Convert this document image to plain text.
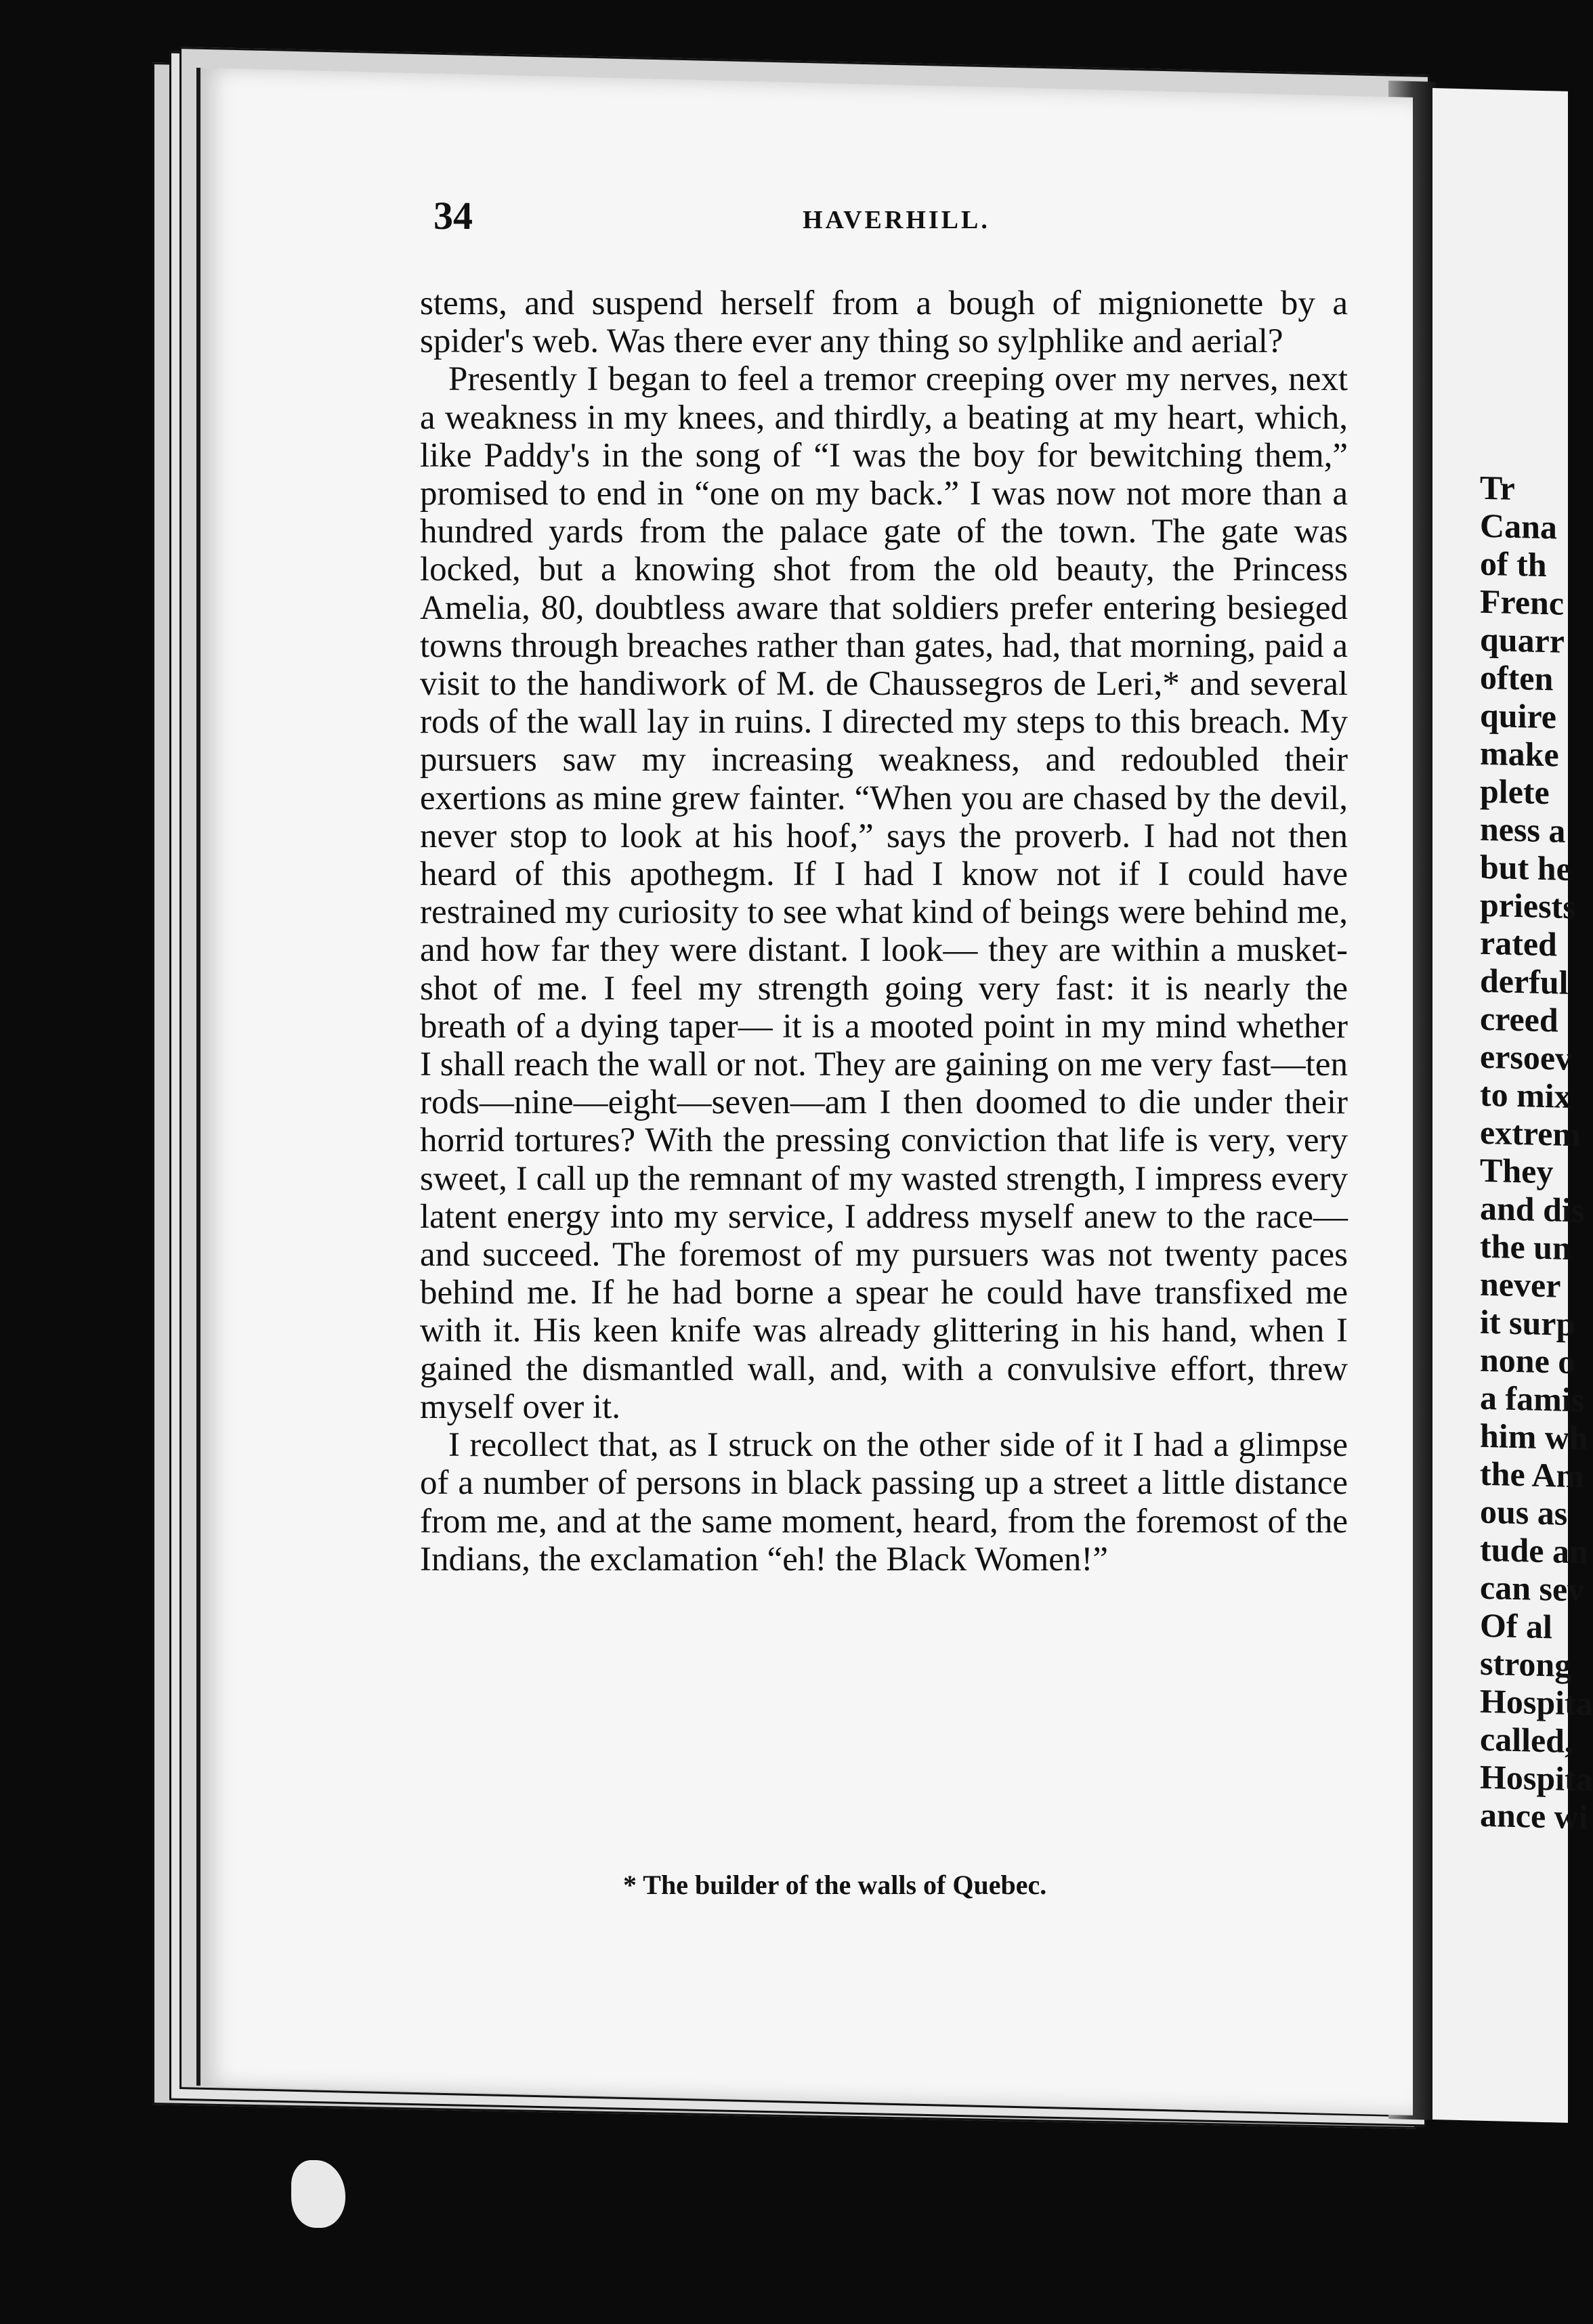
Tr
Cana
of th
Frenc
quarr
often
quire
make
plete
ness a
but he
priests
rated
derful
creed
ersoev
to mix
extrem
They
and dis
the un
never
it surp
none o
a famis
him wh
the Am
ous as
tude an
can sev
Of al
strong
Hospita
called,
Hospita
ance wi
34	HAVERHILL.

stems, and suspend herself from a bough of mignionette by a spider's web. Was there ever any thing so sylphlike and aerial?

Presently I began to feel a tremor creeping over my nerves, next a weakness in my knees, and thirdly, a beating at my heart, which, like Paddy's in the song of “I was the boy for bewitching them,” promised to end in “one on my back.” I was now not more than a hundred yards from the palace gate of the town. The gate was locked, but a knowing shot from the old beauty, the Princess Amelia, 80, doubtless aware that soldiers prefer entering besieged towns through breaches rather than gates, had, that morning, paid a visit to the handiwork of M. de Chaussegros de Leri,* and several rods of the wall lay in ruins. I directed my steps to this breach. My pursuers saw my increasing weakness, and redoubled their exertions as mine grew fainter. “When you are chased by the devil, never stop to look at his hoof,” says the proverb. I had not then heard of this apothegm. If I had I know not if I could have restrained my curiosity to see what kind of beings were behind me, and how far they were distant. I look— they are within a musket-shot of me. I feel my strength going very fast: it is nearly the breath of a dying taper— it is a mooted point in my mind whether I shall reach the wall or not. They are gaining on me very fast—ten rods—nine—eight—seven—am I then doomed to die under their horrid tortures? With the pressing conviction that life is very, very sweet, I call up the remnant of my wasted strength, I impress every latent energy into my service, I address myself anew to the race—and succeed. The foremost of my pursuers was not twenty paces behind me. If he had borne a spear he could have transfixed me with it. His keen knife was already glittering in his hand, when I gained the dismantled wall, and, with a convulsive effort, threw myself over it.

I recollect that, as I struck on the other side of it I had a glimpse of a number of persons in black passing up a street a little distance from me, and at the same moment, heard, from the foremost of the Indians, the exclamation “eh! the Black Women!”

* The builder of the walls of Quebec.
